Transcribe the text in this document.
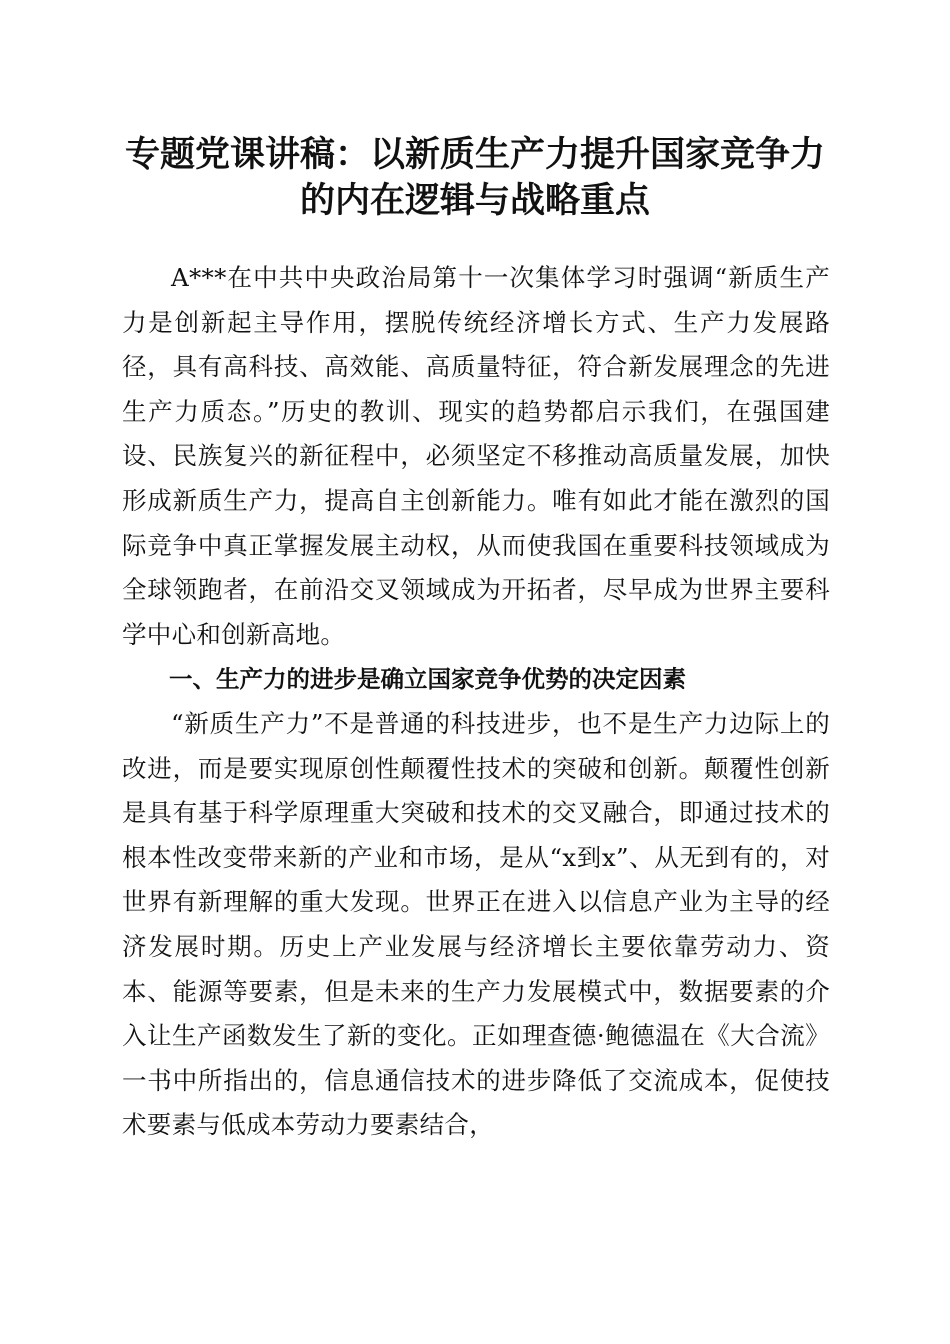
专题党课讲稿：以新质生产力提升国家竞争力
的内在逻辑与战略重点

A***在中共中央政治局第十一次集体学习时强调“新质生产力是创新起主导作用，摆脱传统经济增长方式、生产力发展路径，具有高科技、高效能、高质量特征，符合新发展理念的先进生产力质态。”历史的教训、现实的趋势都启示我们，在强国建设、民族复兴的新征程中，必须坚定不移推动高质量发展，加快形成新质生产力，提高自主创新能力。唯有如此才能在激烈的国际竞争中真正掌握发展主动权，从而使我国在重要科技领域成为全球领跑者，在前沿交叉领域成为开拓者，尽早成为世界主要科学中心和创新高地。

一、生产力的进步是确立国家竞争优势的决定因素

“新质生产力”不是普通的科技进步，也不是生产力边际上的改进，而是要实现原创性颠覆性技术的突破和创新。颠覆性创新是具有基于科学原理重大突破和技术的交叉融合，即通过技术的根本性改变带来新的产业和市场，是从“x到x”、从无到有的，对世界有新理解的重大发现。世界正在进入以信息产业为主导的经济发展时期。历史上产业发展与经济增长主要依靠劳动力、资本、能源等要素，但是未来的生产力发展模式中，数据要素的介入让生产函数发生了新的变化。正如理查德·鲍德温在《大合流》一书中所指出的，信息通信技术的进步降低了交流成本，促使技术要素与低成本劳动力要素结合，
